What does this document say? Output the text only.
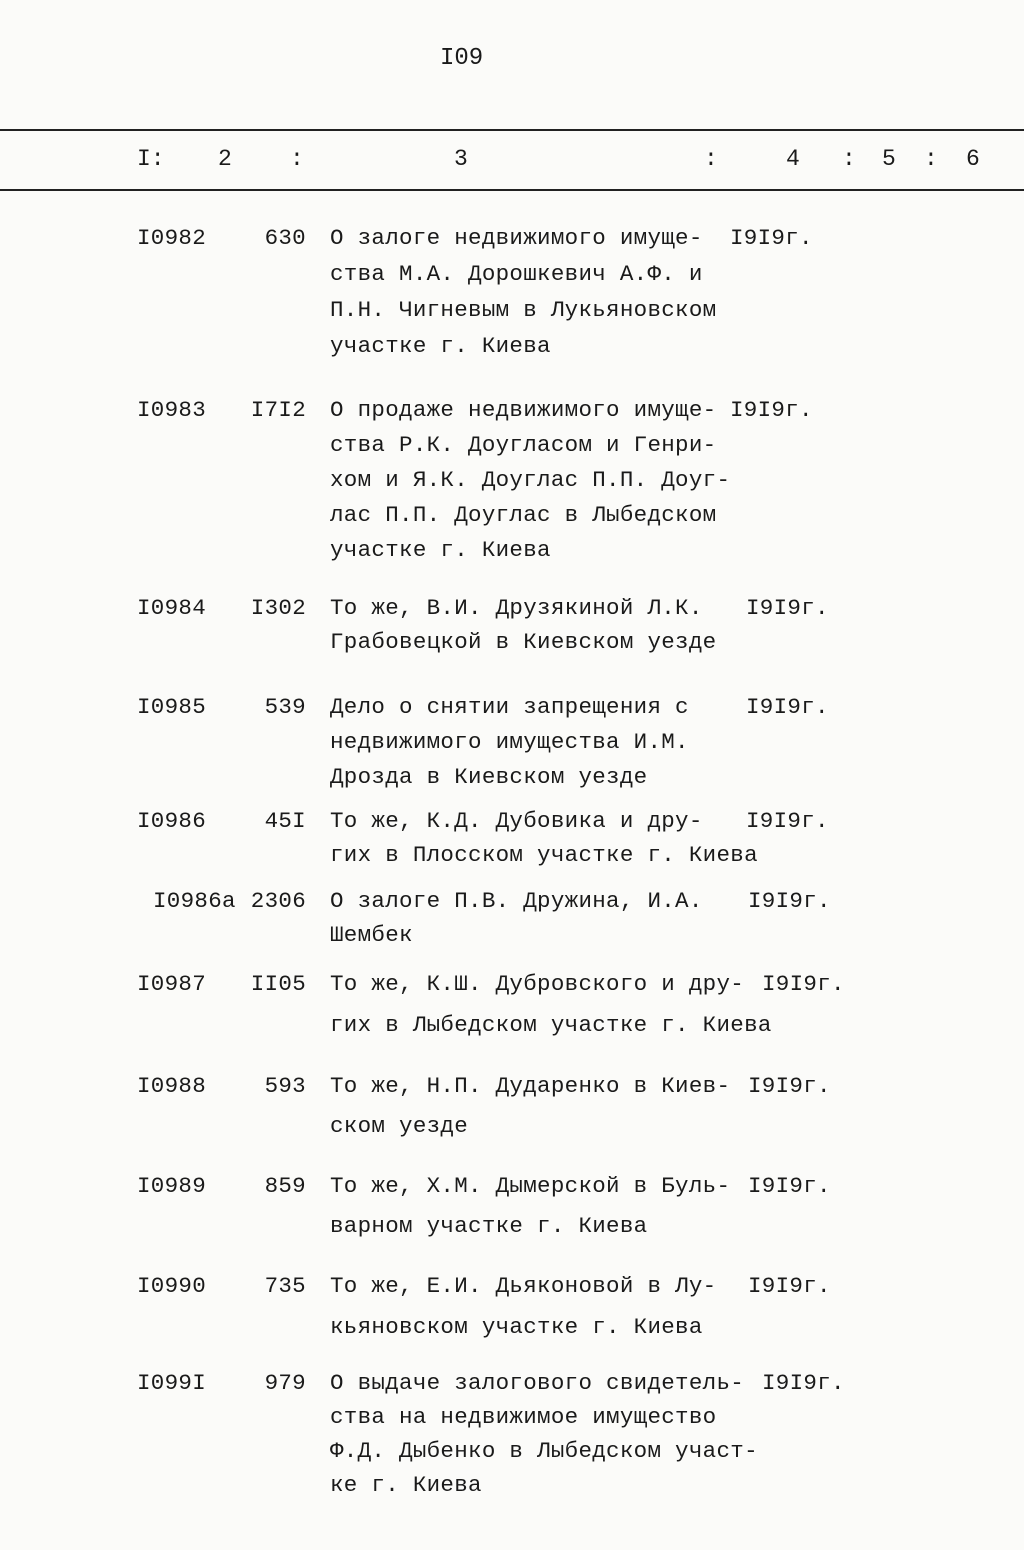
I09
I: 2	:	3	:	4 : 5 : 6
I0982	630 О залоге недвижимого имуще-
ства М.А. Дорошкевич А.Ф. и
П.Н. Чигневым в Лукьяновском
участке г. Киева
I9I9г.
I0983 I7I2 О продаже недвижимого имуще-
ства Р.К. Доугласом и Генри-
хом и Я.К. Доуглас П.П. Доуг-
лас П.П. Доуглас в Лыбедском
участке г. Киева
I9I9г.
I0984 I302 То же, В.И. Друзякиной Л.К.
Грабовецкой в Киевском уезде
I9I9г.
I0985	539 Дело о снятии запрещения с
недвижимого имущества И.М.
Дрозда в Киевском уезде
I9I9г.
I0986	45I То же, К.Д. Дубовика и дру-
гих в Плосском участке г. Киева
I9I9г.
I0986а 2306 О залоге П.В. Дружина, И.А.
Шембек
I9I9г.
I0987 II05 То же, К.Ш. Дубровского и дру-
гих в Лыбедском участке г. Киева
I9I9г.
I0988	593 То же, Н.П. Дударенко в Киев-
ском уезде
I9I9г.
I0989	859 То же, Х.М. Дымерской в Буль-
варном участке г. Киева
I9I9г.
I0990	735 То же, Е.И. Дьяконовой в Лу-
кьяновском участке г. Киева
I9I9г.
I099I	979 О выдаче залогового свидетель-
ства на недвижимое имущество
Ф.Д. Дыбенко в Лыбедском участ-
ке г. Киева
I9I9г.
